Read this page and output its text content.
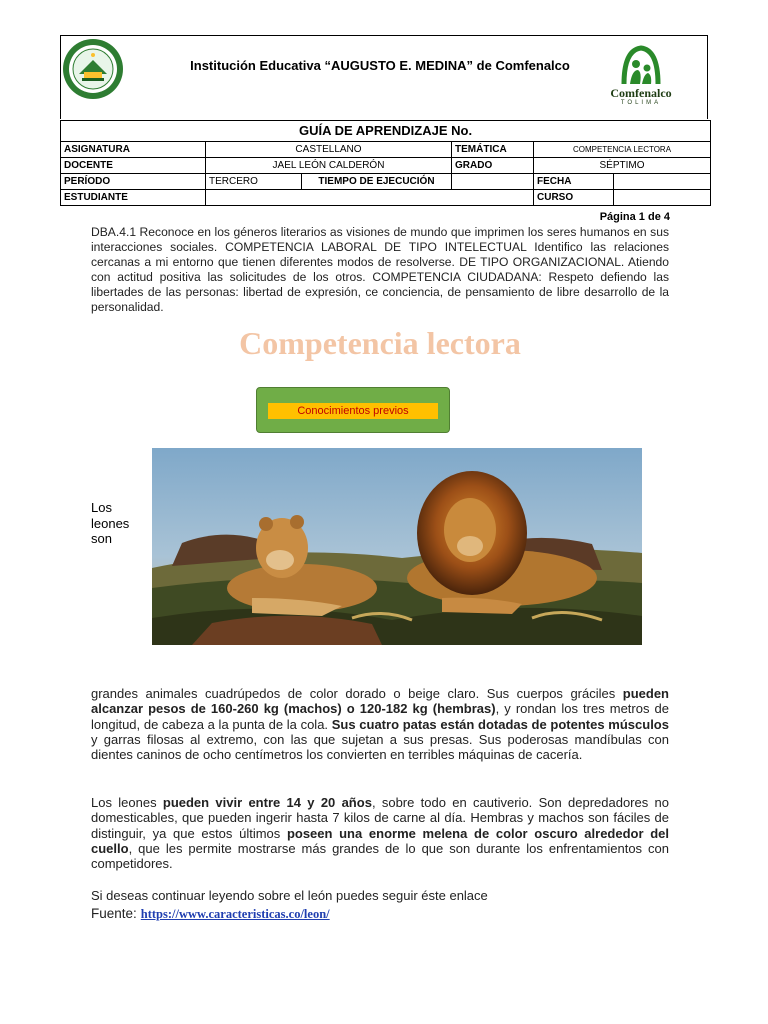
Institución Educativa “AUGUSTO E. MEDINA” de Comfenalco
Comfenalco
TOLIMA
GUÍA DE APRENDIZAJE No.					
ASIGNATURA	CASTELLANO		TEMÁTICA	COMPETENCIA LECTORA	
DOCENTE	JAEL LEÓN CALDERÓN		GRADO	SÉPTIMO	
PERÍODO	TERCERO	TIEMPO DE EJECUCIÓN		FECHA	
ESTUDIANTE				CURSO	
Página 1 de 4
DBA.4.1 Reconoce en los géneros literarios as visiones de mundo que imprimen los seres humanos en sus interacciones sociales. COMPETENCIA LABORAL DE TIPO INTELECTUAL Identifico las relaciones cercanas a mi entorno que tienen diferentes modos de resolverse. DE TIPO ORGANIZACIONAL. Atiendo con actitud positiva las solicitudes de los otros. COMPETENCIA CIUDADANA: Respeto defiendo las libertades de las personas: libertad de expresión, ce conciencia, de pensamiento de libre desarrollo de la personalidad.
Competencia lectora
Conocimientos previos
Los leones son
grandes animales cuadrúpedos de color dorado o beige claro. Sus cuerpos gráciles pueden alcanzar pesos de 160-260 kg (machos) o 120-182 kg (hembras), y rondan los tres metros de longitud, de cabeza a la punta de la cola. Sus cuatro patas están dotadas de potentes músculos y garras filosas al extremo, con las que sujetan a sus presas. Sus poderosas mandíbulas con dientes caninos de ocho centímetros los convierten en terribles máquinas de cacería.
Los leones pueden vivir entre 14 y 20 años, sobre todo en cautiverio. Son depredadores no domesticables, que pueden ingerir hasta 7 kilos de carne al día. Hembras y machos son fáciles de distinguir, ya que estos últimos poseen una enorme melena de color oscuro alrededor del cuello, que les permite mostrarse más grandes de lo que son durante los enfrentamientos con competidores.
Si deseas continuar leyendo sobre el león puedes seguir éste enlace
Fuente: https://www.caracteristicas.co/leon/
